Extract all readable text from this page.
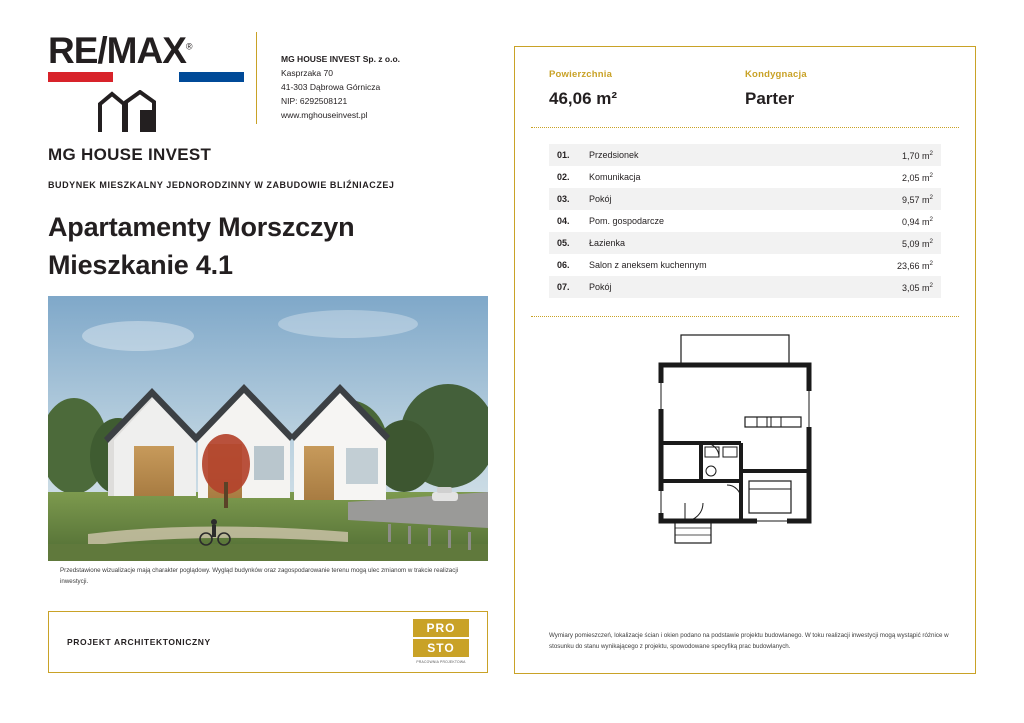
RE/MAX®
MG HOUSE INVEST
MG HOUSE INVEST Sp. z o.o.
Kasprzaka 70
41-303 Dąbrowa Górnicza
NIP: 6292508121
www.mghouseinvest.pl
BUDYNEK MIESZKALNY JEDNORODZINNY W ZABUDOWIE BLIŹNIACZEJ
Apartamenty Morszczyn
Mieszkanie 4.1
Przedstawione wizualizacje mają charakter poglądowy. Wygląd budynków oraz zagospodarowanie terenu mogą ulec zmianom w trakcie realizacji inwestycji.
PROJEKT ARCHITEKTONICZNY
PRO
STO
PRACOWNIA PROJEKTOWA
Powierzchnia
46,06 m²
Kondygnacja
Parter
01.	Przedsionek	1,70 $m^2$
02.	Komunikacja	2,05 $m^2$
03.	Pokój	9,57 $m^2$
04.	Pom. gospodarcze	0,94 $m^2$
05.	Łazienka	5,09 $m^2$
06.	Salon z aneksem kuchennym	23,66 $m^2$
07.	Pokój	3,05 $m^2$
Wymiary pomieszczeń, lokalizacje ścian i okien podano na podstawie projektu budowlanego. W toku realizacji inwestycji mogą wystąpić różnice w stosunku do stanu wynikającego z projektu, spowodowane specyfiką prac budowlanych.
